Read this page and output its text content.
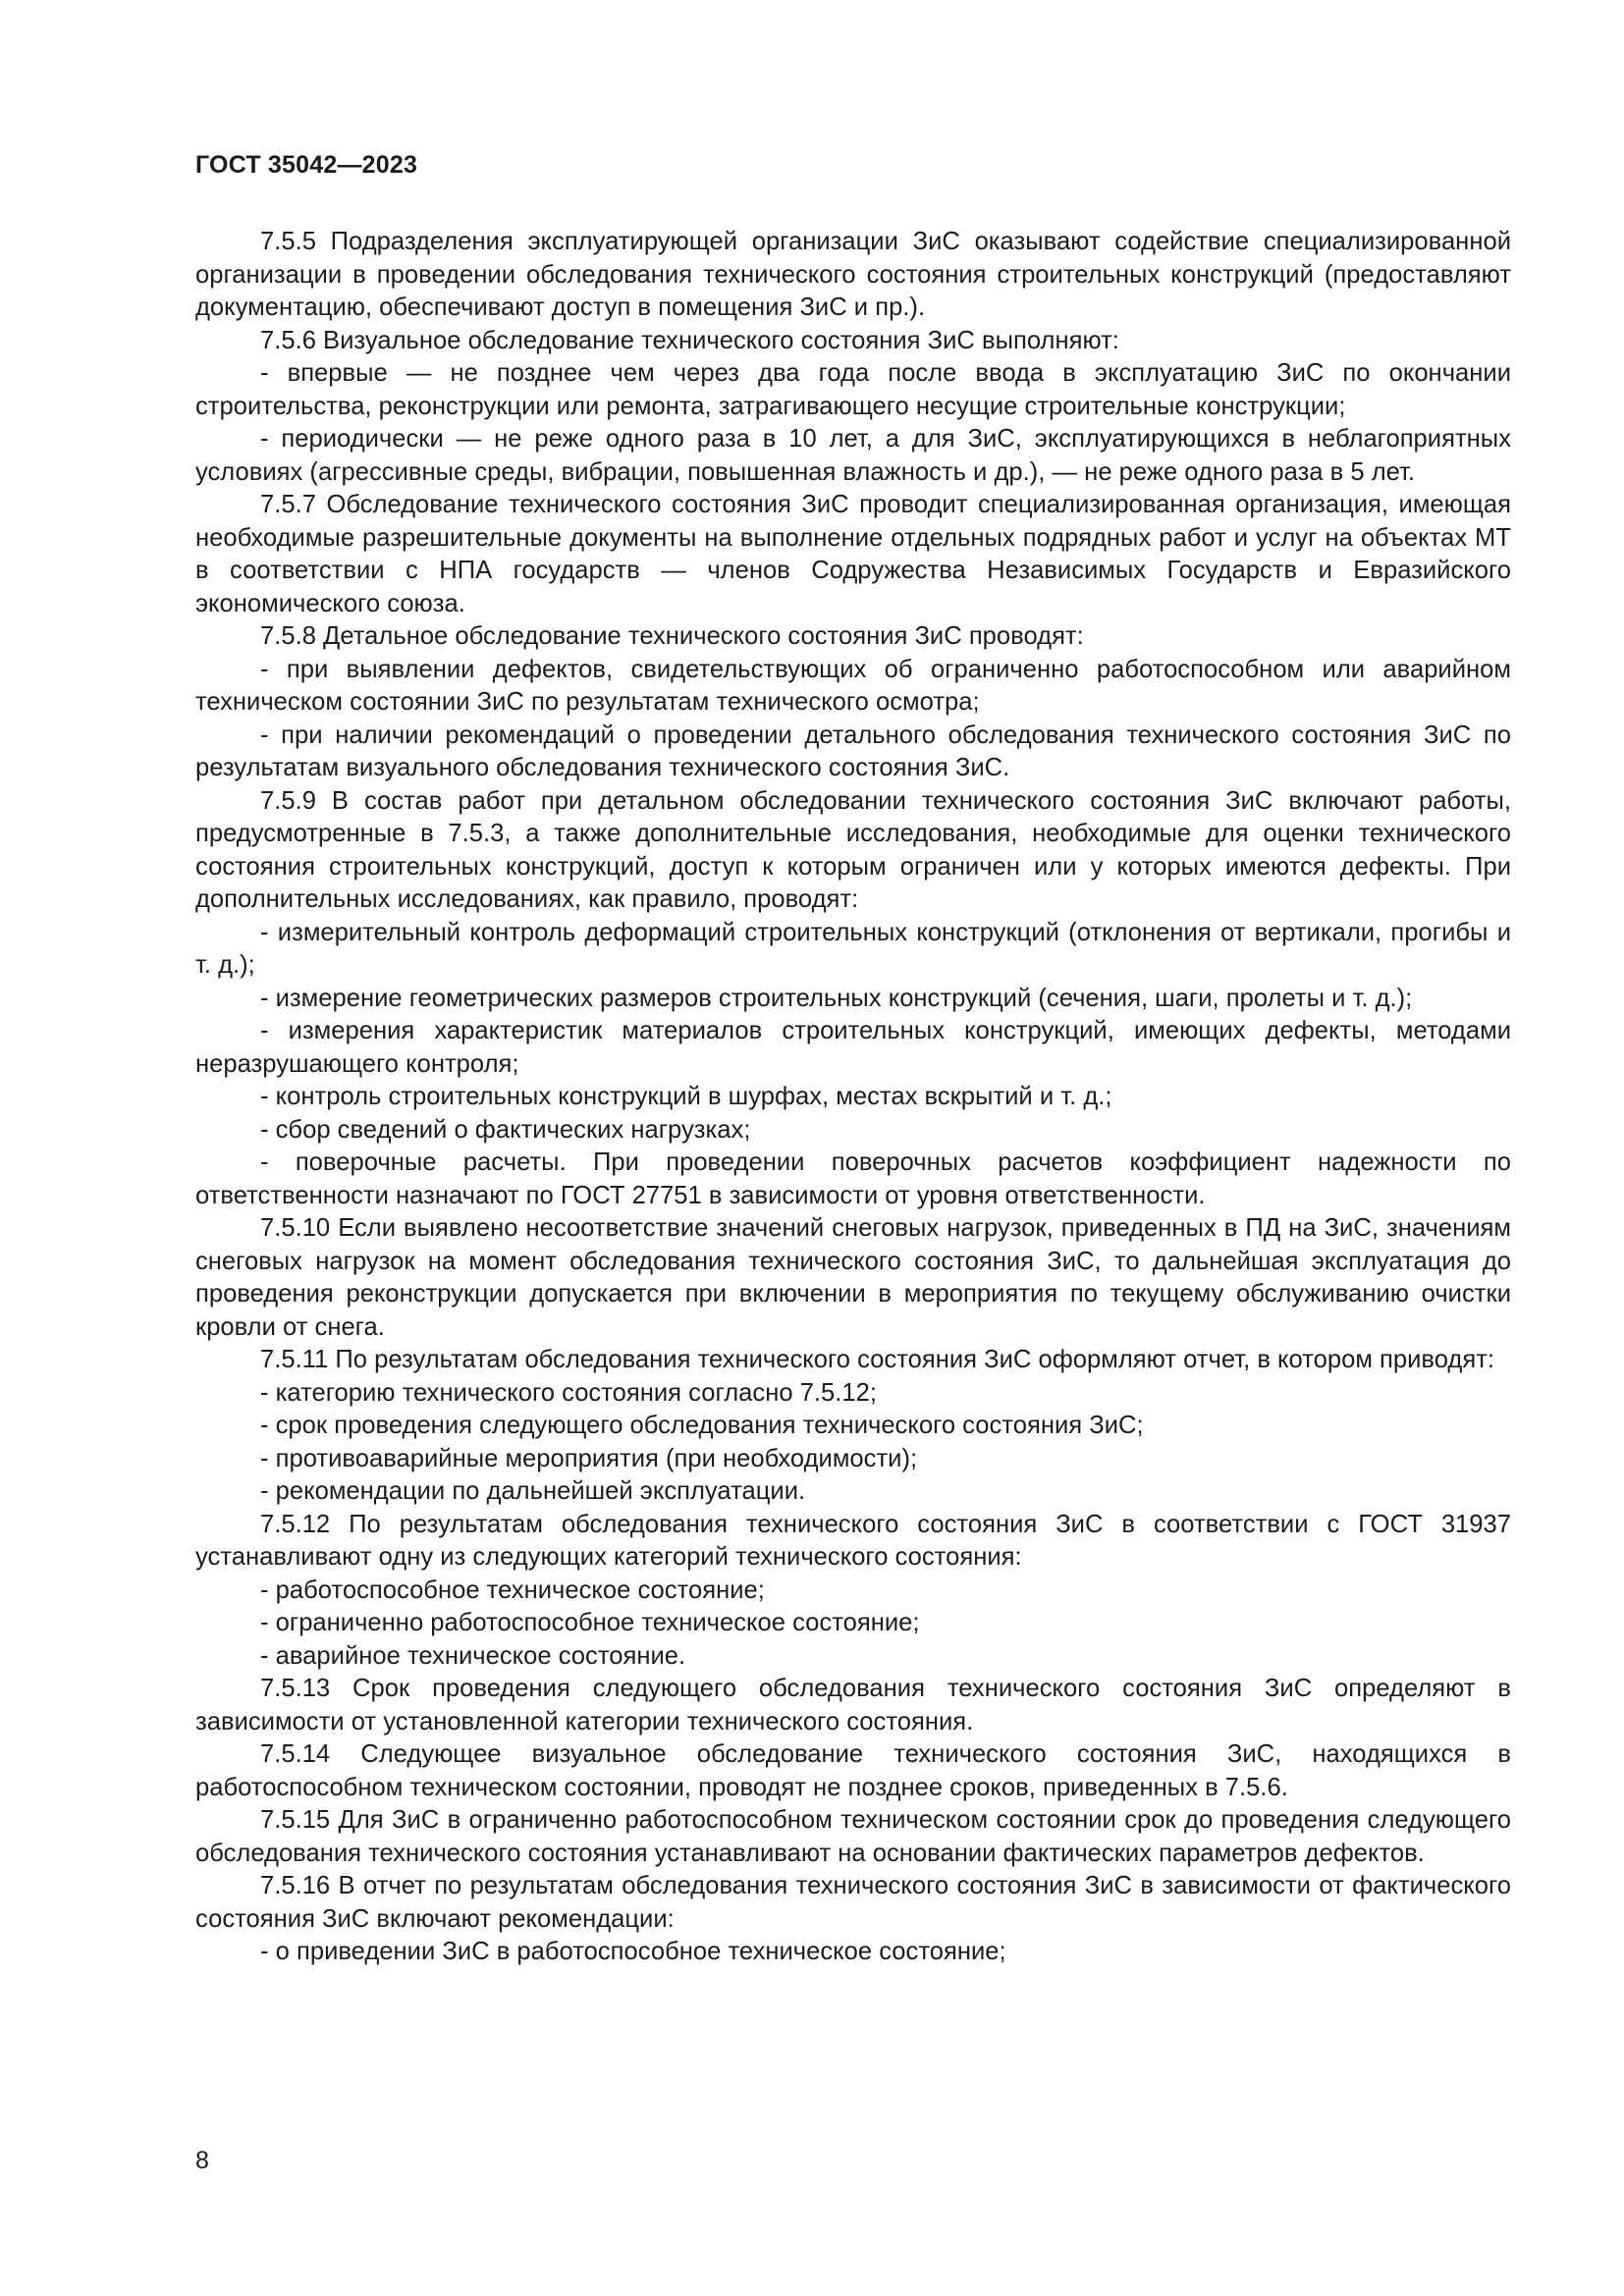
ГОСТ 35042—2023

7.5.5 Подразделения эксплуатирующей организации ЗиС оказывают содействие специализированной организации в проведении обследования технического состояния строительных конструкций (предоставляют документацию, обеспечивают доступ в помещения ЗиС и пр.).

7.5.6 Визуальное обследование технического состояния ЗиС выполняют:

- впервые — не позднее чем через два года после ввода в эксплуатацию ЗиС по окончании строительства, реконструкции или ремонта, затрагивающего несущие строительные конструкции;

- периодически — не реже одного раза в 10 лет, а для ЗиС, эксплуатирующихся в неблагоприятных условиях (агрессивные среды, вибрации, повышенная влажность и др.), — не реже одного раза в 5 лет.

7.5.7 Обследование технического состояния ЗиС проводит специализированная организация, имеющая необходимые разрешительные документы на выполнение отдельных подрядных работ и услуг на объектах МТ в соответствии с НПА государств — членов Содружества Независимых Государств и Евразийского экономического союза.

7.5.8 Детальное обследование технического состояния ЗиС проводят:

- при выявлении дефектов, свидетельствующих об ограниченно работоспособном или аварийном техническом состоянии ЗиС по результатам технического осмотра;

- при наличии рекомендаций о проведении детального обследования технического состояния ЗиС по результатам визуального обследования технического состояния ЗиС.

7.5.9 В состав работ при детальном обследовании технического состояния ЗиС включают работы, предусмотренные в 7.5.3, а также дополнительные исследования, необходимые для оценки технического состояния строительных конструкций, доступ к которым ограничен или у которых имеются дефекты. При дополнительных исследованиях, как правило, проводят:

- измерительный контроль деформаций строительных конструкций (отклонения от вертикали, прогибы и т. д.);

- измерение геометрических размеров строительных конструкций (сечения, шаги, пролеты и т. д.);

- измерения характеристик материалов строительных конструкций, имеющих дефекты, методами неразрушающего контроля;

- контроль строительных конструкций в шурфах, местах вскрытий и т. д.;

- сбор сведений о фактических нагрузках;

- поверочные расчеты. При проведении поверочных расчетов коэффициент надежности по ответственности назначают по ГОСТ 27751 в зависимости от уровня ответственности.

7.5.10 Если выявлено несоответствие значений снеговых нагрузок, приведенных в ПД на ЗиС, значениям снеговых нагрузок на момент обследования технического состояния ЗиС, то дальнейшая эксплуатация до проведения реконструкции допускается при включении в мероприятия по текущему обслуживанию очистки кровли от снега.

7.5.11 По результатам обследования технического состояния ЗиС оформляют отчет, в котором приводят:

- категорию технического состояния согласно 7.5.12;

- срок проведения следующего обследования технического состояния ЗиС;

- противоаварийные мероприятия (при необходимости);

- рекомендации по дальнейшей эксплуатации.

7.5.12 По результатам обследования технического состояния ЗиС в соответствии с ГОСТ 31937 устанавливают одну из следующих категорий технического состояния:

- работоспособное техническое состояние;

- ограниченно работоспособное техническое состояние;

- аварийное техническое состояние.

7.5.13 Срок проведения следующего обследования технического состояния ЗиС определяют в зависимости от установленной категории технического состояния.

7.5.14 Следующее визуальное обследование технического состояния ЗиС, находящихся в работоспособном техническом состоянии, проводят не позднее сроков, приведенных в 7.5.6.

7.5.15 Для ЗиС в ограниченно работоспособном техническом состоянии срок до проведения следующего обследования технического состояния устанавливают на основании фактических параметров дефектов.

7.5.16 В отчет по результатам обследования технического состояния ЗиС в зависимости от фактического состояния ЗиС включают рекомендации:

- о приведении ЗиС в работоспособное техническое состояние;

8
